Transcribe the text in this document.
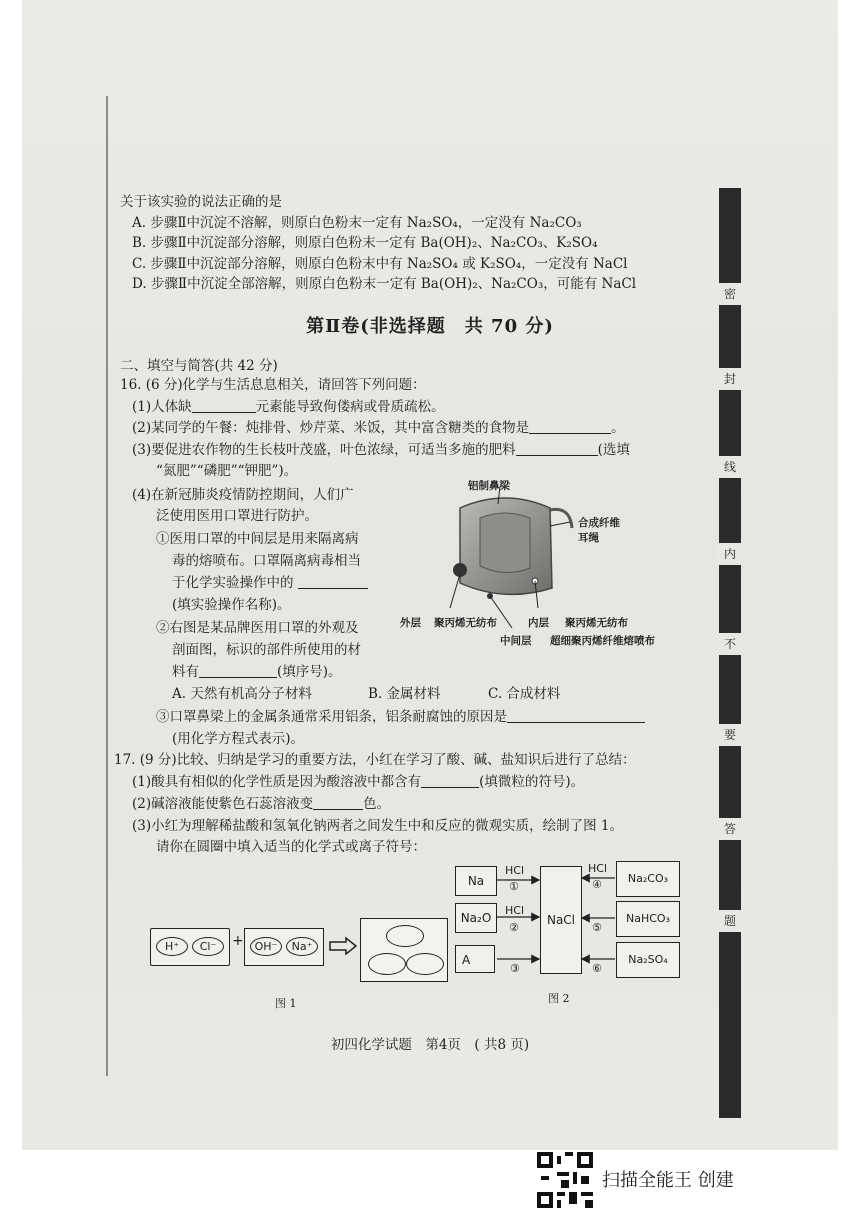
关于该实验的说法正确的是
A. 步骤Ⅱ中沉淀不溶解，则原白色粉末一定有 Na₂SO₄，一定没有 Na₂CO₃
B. 步骤Ⅱ中沉淀部分溶解，则原白色粉末一定有 Ba(OH)₂、Na₂CO₃、K₂SO₄
C. 步骤Ⅱ中沉淀部分溶解，则原白色粉末中有 Na₂SO₄ 或 K₂SO₄，一定没有 NaCl
D. 步骤Ⅱ中沉淀全部溶解，则原白色粉末一定有 Ba(OH)₂、Na₂CO₃，可能有 NaCl
第Ⅱ卷(非选择题　共 70 分)
二、填空与简答(共 42 分)
16. (6 分)化学与生活息息相关，请回答下列问题：
(1)人体缺	元素能导致佝偻病或骨质疏松。
(2)某同学的午餐：炖排骨、炒芹菜、米饭，其中富含糖类的食物是	。
(3)要促进农作物的生长枝叶茂盛，叶色浓绿，可适当多施的肥料	(选填
“氮肥”“磷肥”“钾肥”)。
(4)在新冠肺炎疫情防控期间，人们广
泛使用医用口罩进行防护。
①医用口罩的中间层是用来隔离病
毒的熔喷布。口罩隔离病毒相当
于化学实验操作中的
(填实验操作名称)。
②右图是某品牌医用口罩的外观及
剖面图，标识的部件所使用的材
料有	(填序号)。
A. 天然有机高分子材料	B. 金属材料	C. 合成材料
③口罩鼻梁上的金属条通常采用铝条，铝条耐腐蚀的原因是
(用化学方程式表示)。
铝制鼻梁
合成纤维
耳绳
外层 聚丙烯无纺布	内层 聚丙烯无纺布
中间层 超细聚丙烯纤维熔喷布
17. (9 分)比较、归纳是学习的重要方法，小红在学习了酸、碱、盐知识后进行了总结：
(1)酸具有相似的化学性质是因为酸溶液中都含有	(填微粒的符号)。
(2)碱溶液能使紫色石蕊溶液变	色。
(3)小红为理解稀盐酸和氢氧化钠两者之间发生中和反应的微观实质，绘制了图 1。
请你在圆圈中填入适当的化学式或离子符号：
H⁺	Cl⁻	+ OH⁻	Na⁺
图 1
Na
Na₂O
A
NaCl
Na₂CO₃
NaHCO₃
Na₂SO₄
HCl
①
HCl
②
③
HCl
④
⑤
⑥
图 2
密
封
线
内
不
要
答
题
初四化学试题　第4页　( 共8 页)
扫描全能王 创建
